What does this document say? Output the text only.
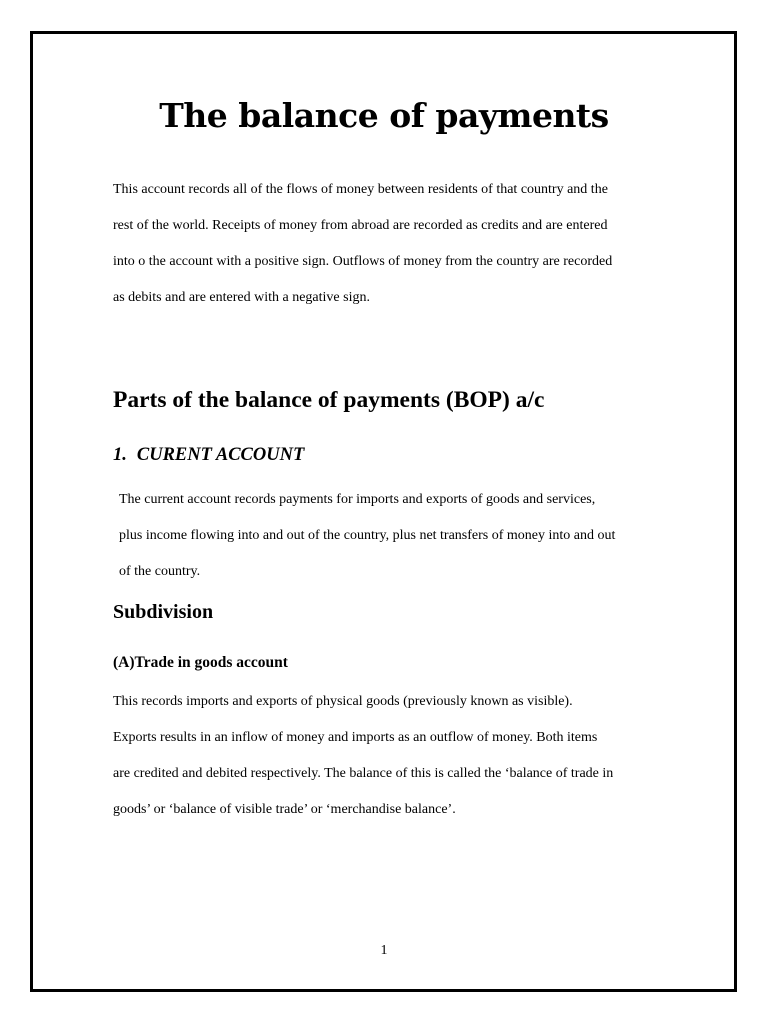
The balance of payments

This account records all of the flows of money between residents of that country and the
rest of the world. Receipts of money from abroad are recorded as credits and are entered
into o the account with a positive sign. Outflows of money from the country are recorded
as debits and are entered with a negative sign.

Parts of the balance of payments (BOP) a/c
1. CURENT ACCOUNT

The current account records payments for imports and exports of goods and services,
plus income flowing into and out of the country, plus net transfers of money into and out
of the country.

Subdivision
(A)Trade in goods account

This records imports and exports of physical goods (previously known as visible).
Exports results in an inflow of money and imports as an outflow of money. Both items
are credited and debited respectively. The balance of this is called the ‘balance of trade in
goods’ or ‘balance of visible trade’ or ‘merchandise balance’.

1
